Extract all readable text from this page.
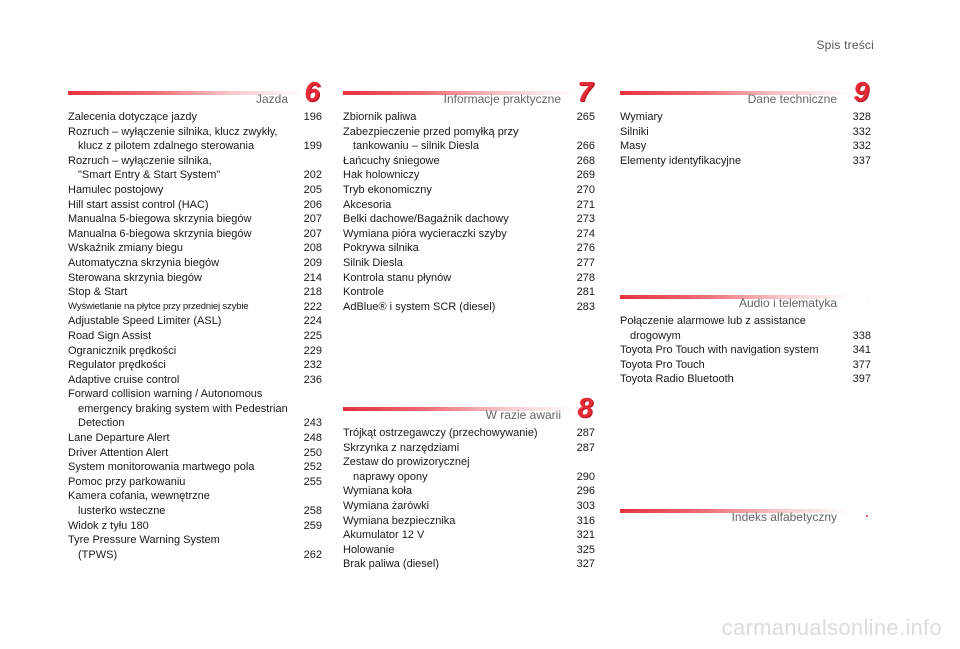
Spis treści
Jazda 6
Zalecenia dotyczące jazdy	196
Rozruch – wyłączenie silnika, klucz zwykły,
klucz z pilotem zdalnego sterowania	199
Rozruch – wyłączenie silnika,
"Smart Entry & Start System"	202
Hamulec postojowy	205
Hill start assist control (HAC)	206
Manualna 5-biegowa skrzynia biegów	207
Manualna 6-biegowa skrzynia biegów	207
Wskaźnik zmiany biegu	208
Automatyczna skrzynia biegów	209
Sterowana skrzynia biegów	214
Stop & Start	218
Wyświetlanie na płytce przy przedniej szybie	222
Adjustable Speed Limiter (ASL)	224
Road Sign Assist	225
Ogranicznik prędkości	229
Regulator prędkości	232
Adaptive cruise control	236
Forward collision warning / Autonomous
emergency braking system with Pedestrian
Detection	243
Lane Departure Alert	248
Driver Attention Alert	250
System monitorowania martwego pola	252
Pomoc przy parkowaniu	255
Kamera cofania, wewnętrzne
lusterko wsteczne	258
Widok z tyłu 180	259
Tyre Pressure Warning System
(TPWS)	262
Informacje praktyczne 7
Zbiornik paliwa	265
Zabezpieczenie przed pomyłką przy
tankowaniu – silnik Diesla	266
Łańcuchy śniegowe	268
Hak holowniczy	269
Tryb ekonomiczny	270
Akcesoria	271
Belki dachowe/Bagażnik dachowy	273
Wymiana pióra wycieraczki szyby	274
Pokrywa silnika	276
Silnik Diesla	277
Kontrola stanu płynów	278
Kontrole	281
AdBlue® i system SCR (diesel)	283
W razie awarii 8
Trójkąt ostrzegawczy (przechowywanie)	287
Skrzynka z narzędziami	287
Zestaw do prowizorycznej
naprawy opony	290
Wymiana koła	296
Wymiana żarówki	303
Wymiana bezpiecznika	316
Akumulator 12 V	321
Holowanie	325
Brak paliwa (diesel)	327
Dane techniczne 9
Wymiary	328
Silniki	332
Masy	332
Elementy identyfikacyjne	337
Audio i telematyka	.
Połączenie alarmowe lub z assistance
drogowym	338
Toyota Pro Touch with navigation system	341
Toyota Pro Touch	377
Toyota Radio Bluetooth	397
Indeks alfabetyczny .
carmanualsonline.info
